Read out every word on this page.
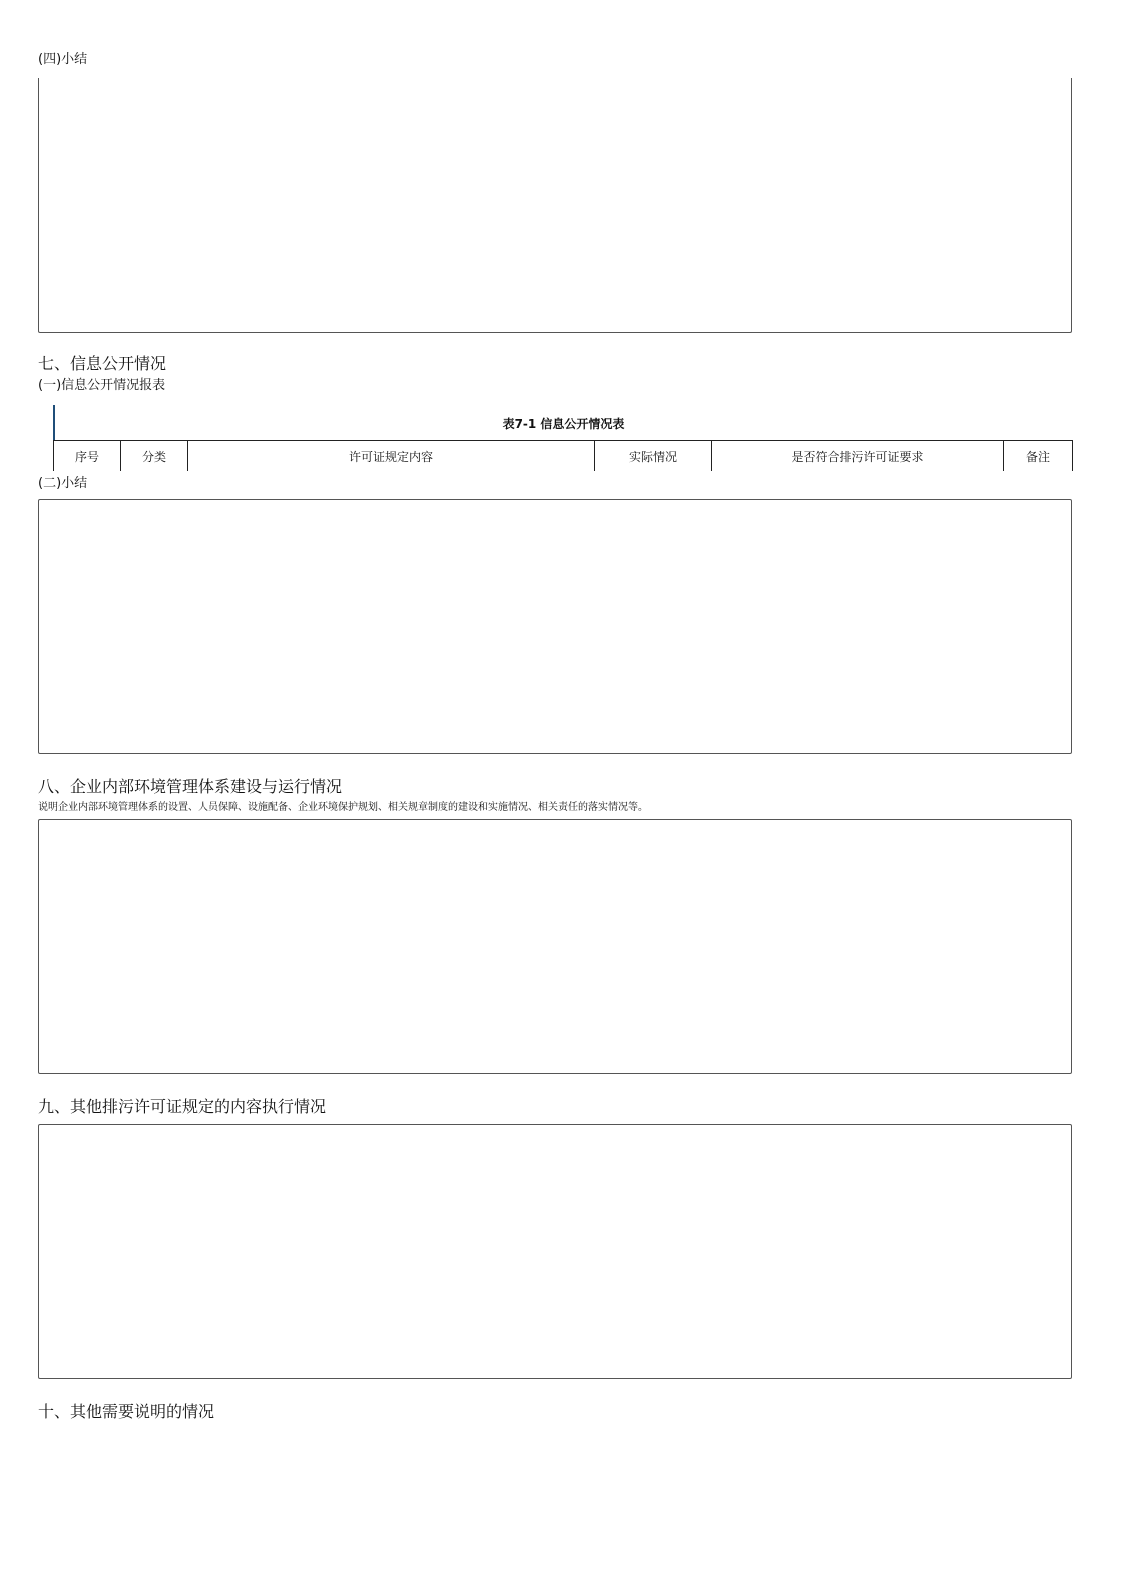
(四)小结
七、信息公开情况
(一)信息公开情况报表
表7-1 信息公开情况表
序号	分类	许可证规定内容	实际情况	是否符合排污许可证要求	备注
(二)小结
八、企业内部环境管理体系建设与运行情况
说明企业内部环境管理体系的设置、人员保障、设施配备、企业环境保护规划、相关规章制度的建设和实施情况、相关责任的落实情况等。
九、其他排污许可证规定的内容执行情况
十、其他需要说明的情况
